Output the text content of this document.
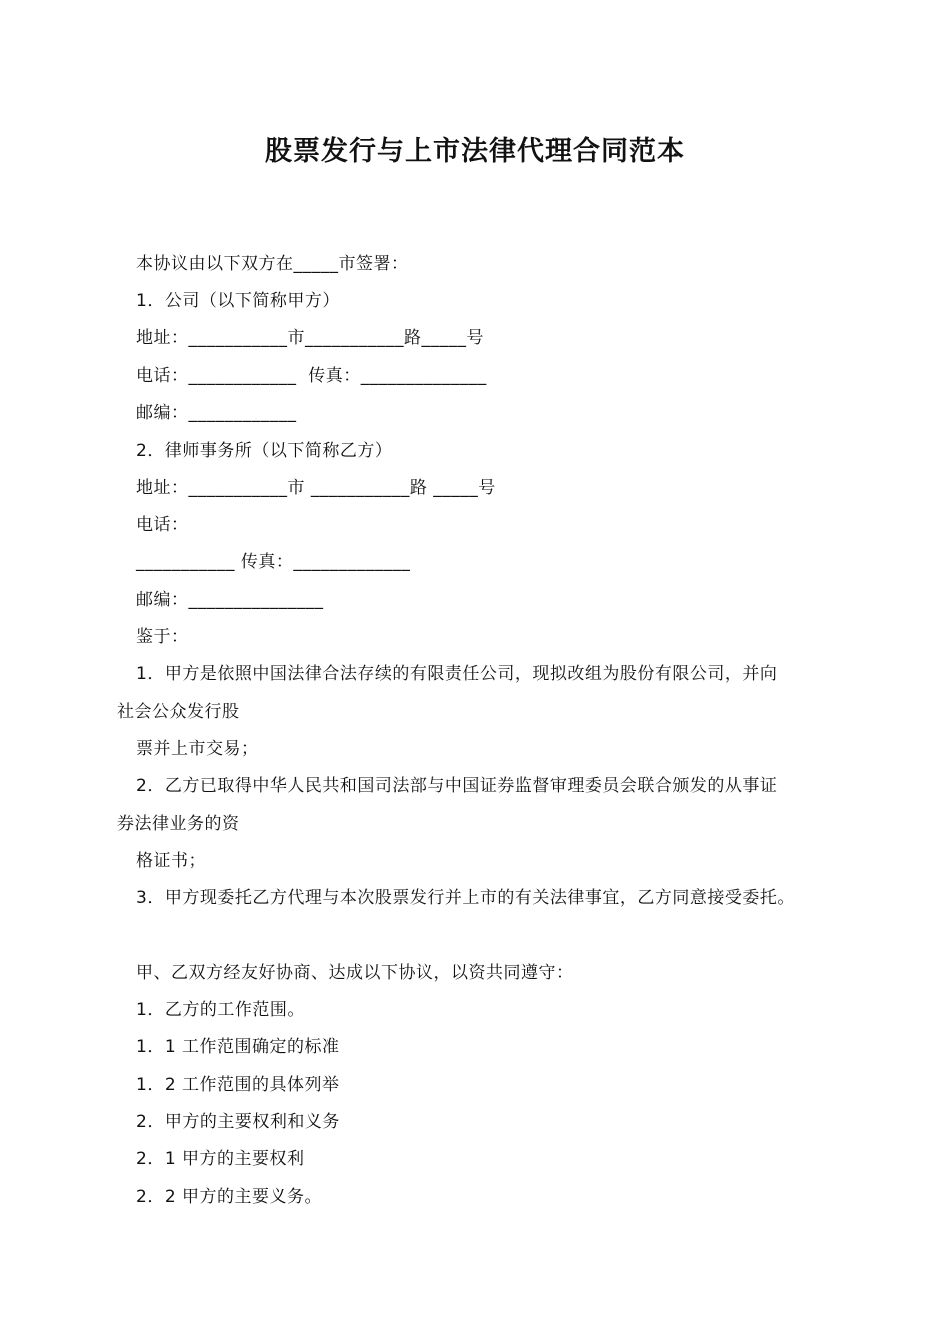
股票发行与上市法律代理合同范本
本协议由以下双方在_____市签署：
1．公司（以下简称甲方）
地址：___________市___________路_____号
电话：____________  传真：______________
邮编：____________
2．律师事务所（以下简称乙方）
地址：___________市 ___________路 _____号
电话：
___________ 传真：_____________
邮编：_______________
鉴于：
1．甲方是依照中国法律合法存续的有限责任公司，现拟改组为股份有限公司，并向
社会公众发行股
票并上市交易；
2．乙方已取得中华人民共和国司法部与中国证券监督审理委员会联合颁发的从事证
券法律业务的资
格证书；
3．甲方现委托乙方代理与本次股票发行并上市的有关法律事宜，乙方同意接受委托。
甲、乙双方经友好协商、达成以下协议，以资共同遵守：
1．乙方的工作范围。
1．1 工作范围确定的标准
1．2 工作范围的具体列举
2．甲方的主要权利和义务
2．1 甲方的主要权利
2．2 甲方的主要义务。
